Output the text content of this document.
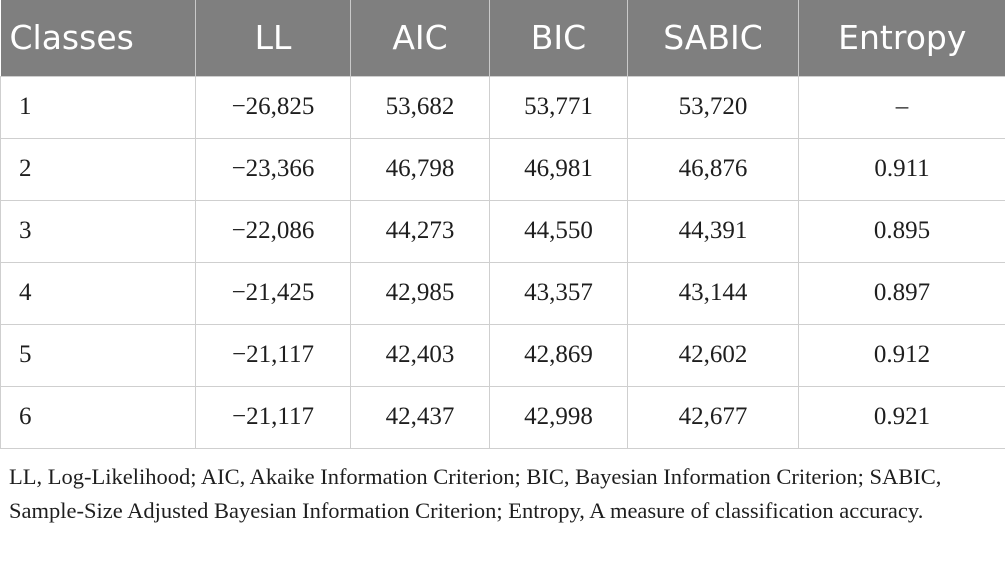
Classes	LL	AIC	BIC	SABIC	Entropy
1	−26,825	53,682	53,771	53,720	–
2	−23,366	46,798	46,981	46,876	0.911
3	−22,086	44,273	44,550	44,391	0.895
4	−21,425	42,985	43,357	43,144	0.897
5	−21,117	42,403	42,869	42,602	0.912
6	−21,117	42,437	42,998	42,677	0.921
LL, Log-Likelihood; AIC, Akaike Information Criterion; BIC, Bayesian Information Criterion; SABIC, Sample-Size Adjusted Bayesian Information Criterion; Entropy, A measure of classification accuracy.
